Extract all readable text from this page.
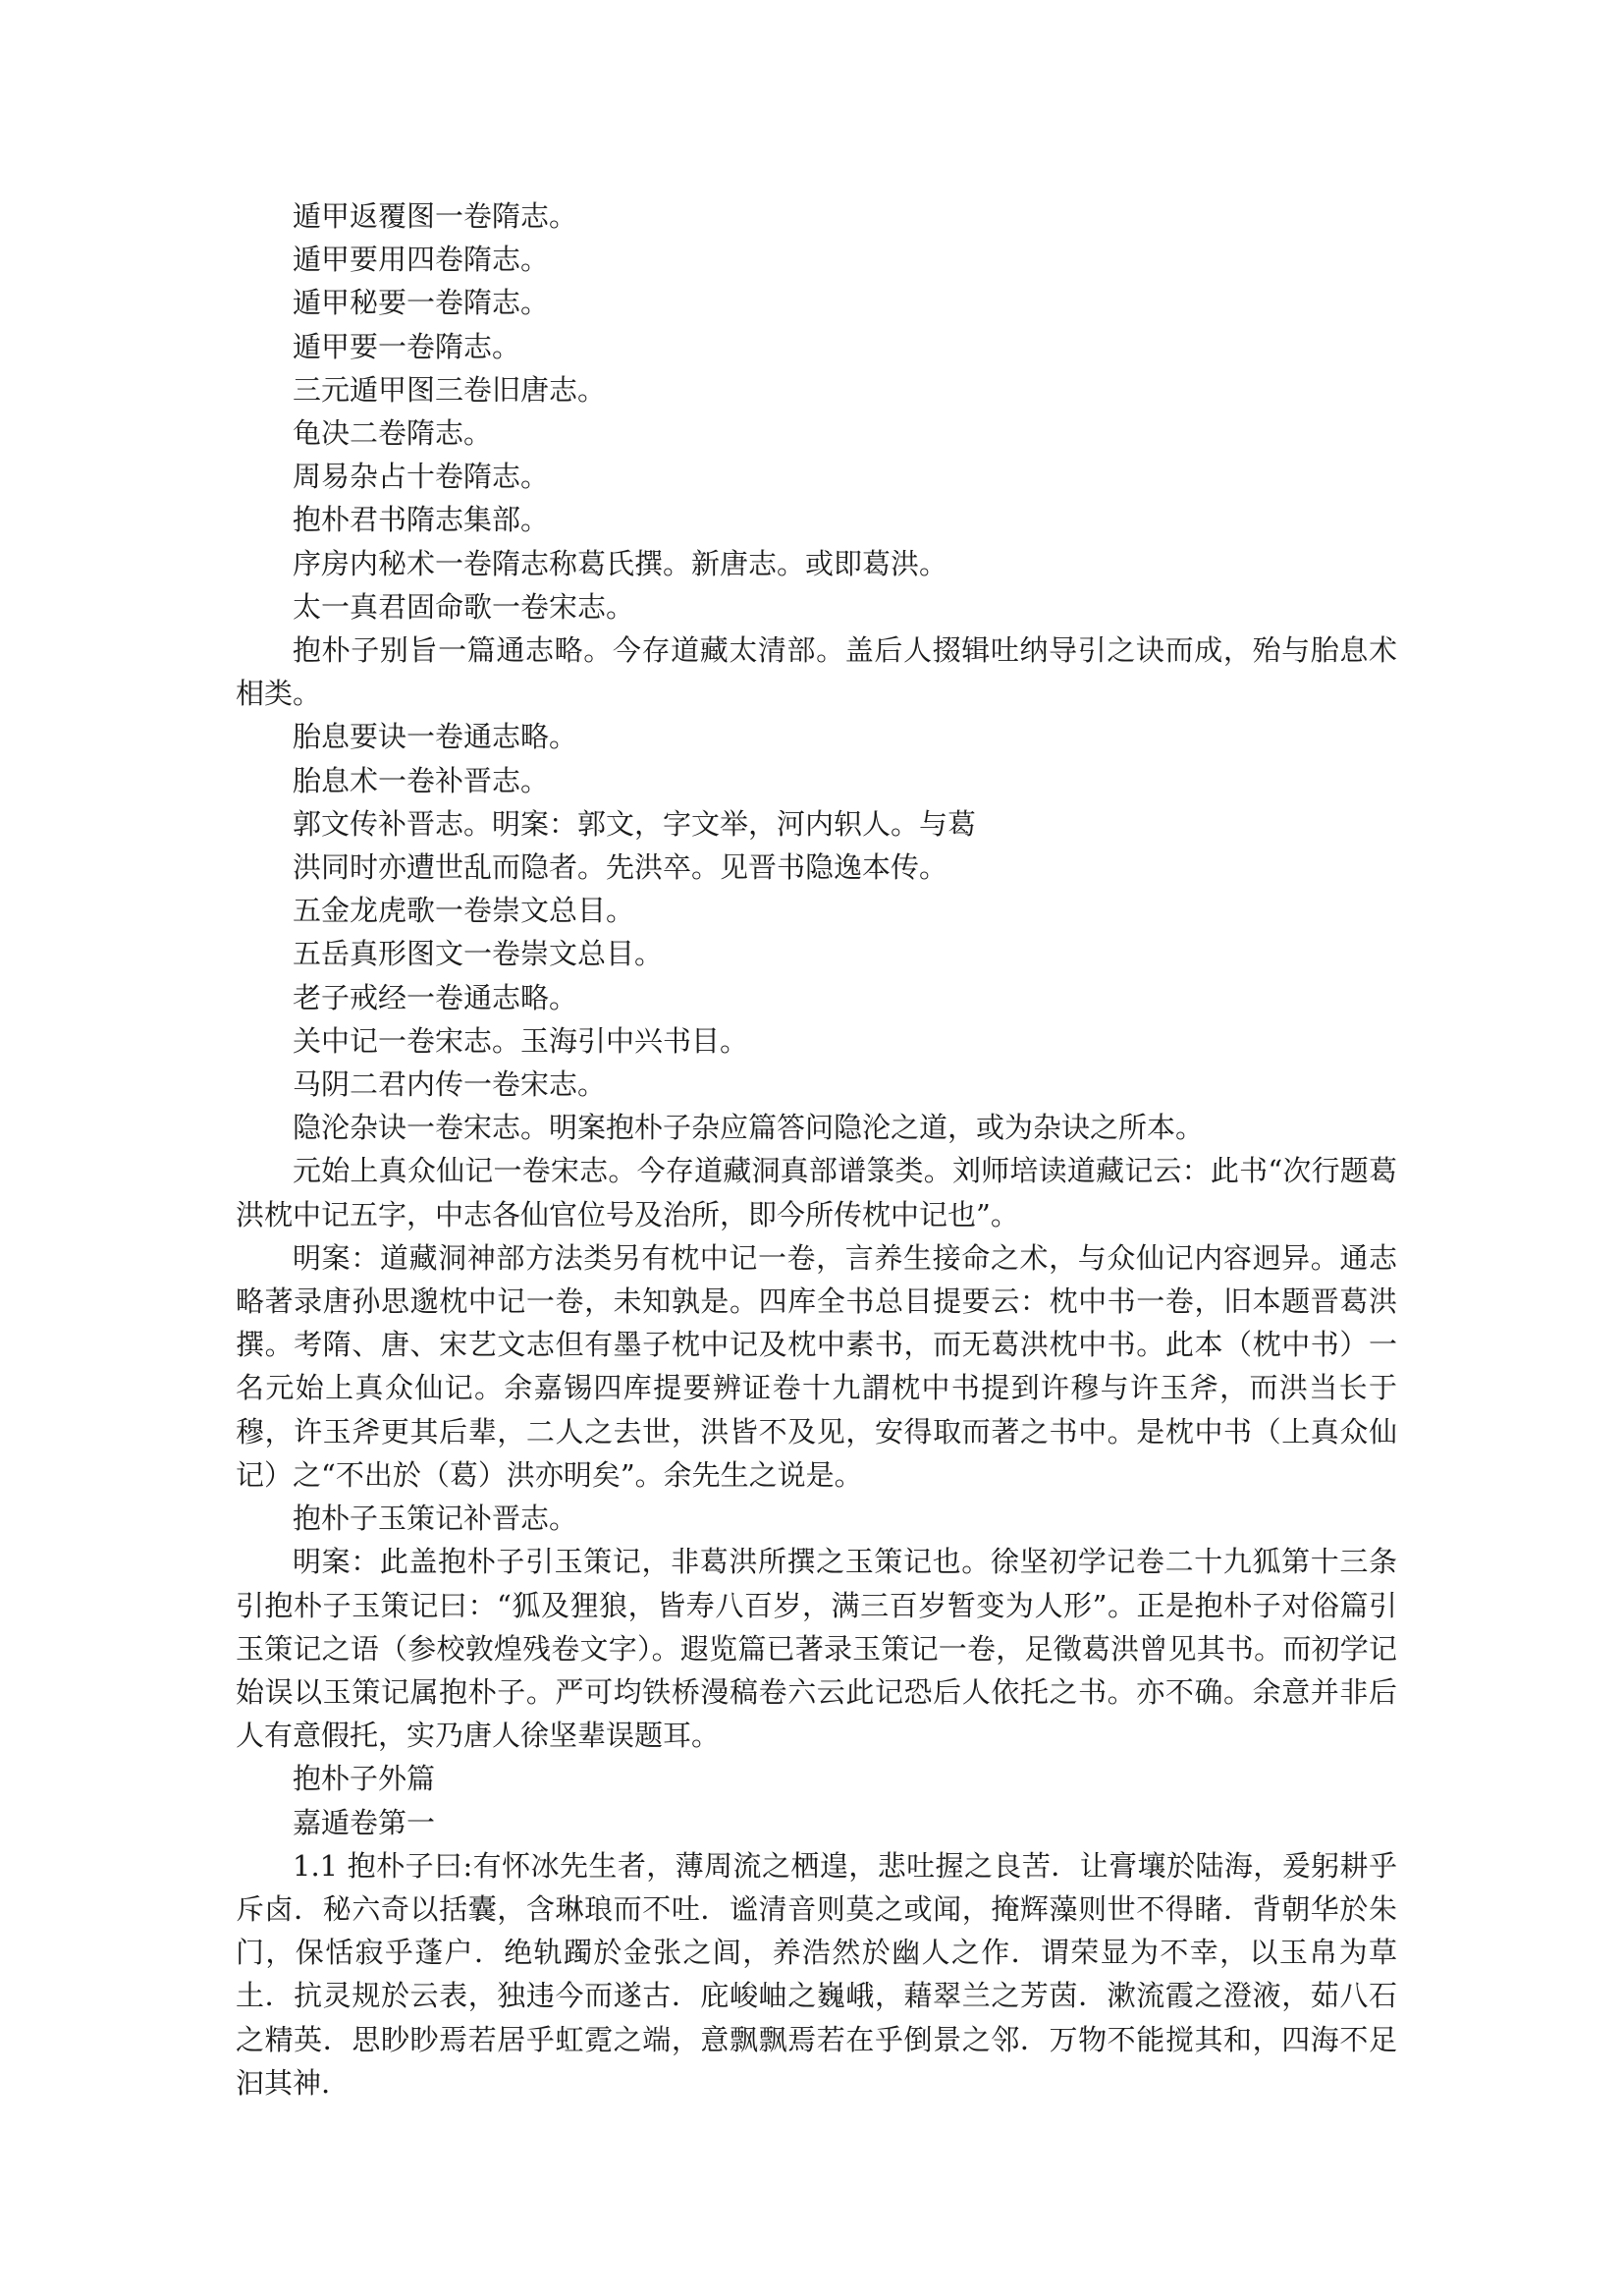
遁甲返覆图一卷隋志。

遁甲要用四卷隋志。

遁甲秘要一卷隋志。

遁甲要一卷隋志。

三元遁甲图三卷旧唐志。

龟决二卷隋志。

周易杂占十卷隋志。

抱朴君书隋志集部。

序房内秘术一卷隋志称葛氏撰。新唐志。或即葛洪。

太一真君固命歌一卷宋志。

抱朴子别旨一篇通志略。今存道藏太清部。盖后人掇辑吐纳导引之诀而成，殆与胎息术相类。

胎息要诀一卷通志略。

胎息术一卷补晋志。

郭文传补晋志。明案：郭文，字文举，河内轵人。与葛

洪同时亦遭世乱而隐者。先洪卒。见晋书隐逸本传。

五金龙虎歌一卷崇文总目。

五岳真形图文一卷崇文总目。

老子戒经一卷通志略。

关中记一卷宋志。玉海引中兴书目。

马阴二君内传一卷宋志。

隐沦杂诀一卷宋志。明案抱朴子杂应篇答问隐沦之道，或为杂诀之所本。

元始上真众仙记一卷宋志。今存道藏洞真部谱箓类。刘师培读道藏记云：此书“次行题葛洪枕中记五字，中志各仙官位号及治所，即今所传枕中记也”。

明案：道藏洞神部方法类另有枕中记一卷，言养生接命之术，与众仙记内容迥异。通志略著录唐孙思邈枕中记一卷，未知孰是。四库全书总目提要云：枕中书一卷，旧本题晋葛洪撰。考隋、唐、宋艺文志但有墨子枕中记及枕中素书，而无葛洪枕中书。此本（枕中书）一名元始上真众仙记。余嘉锡四库提要辨证卷十九謂枕中书提到许穆与许玉斧，而洪当长于穆，许玉斧更其后辈，二人之去世，洪皆不及见，安得取而著之书中。是枕中书（上真众仙记）之“不出於（葛）洪亦明矣”。余先生之说是。

抱朴子玉策记补晋志。

明案：此盖抱朴子引玉策记，非葛洪所撰之玉策记也。徐坚初学记卷二十九狐第十三条引抱朴子玉策记曰：“狐及狸狼，皆寿八百岁，满三百岁暂变为人形”。正是抱朴子对俗篇引玉策记之语（参校敦煌残卷文字）。遐览篇已著录玉策记一卷，足徵葛洪曾见其书。而初学记始误以玉策记属抱朴子。严可均铁桥漫稿卷六云此记恐后人依托之书。亦不确。余意并非后人有意假托，实乃唐人徐坚辈误题耳。

抱朴子外篇

嘉遁卷第一

1.1 抱朴子曰:有怀冰先生者，薄周流之栖遑，悲吐握之良苦．让膏壤於陆海，爰躬耕乎斥卤．秘六奇以括囊，含琳琅而不吐．谧清音则莫之或闻，掩辉藻则世不得睹．背朝华於朱门，保恬寂乎蓬户．绝轨躅於金张之闾，养浩然於幽人之作．谓荣显为不幸，以玉帛为草土．抗灵规於云表，独违今而遂古．庇峻岫之巍峨，藉翠兰之芳茵．漱流霞之澄液，茹八石之精英．思眇眇焉若居乎虹霓之端，意飘飘焉若在乎倒景之邻．万物不能搅其和，四海不足汩其神.
